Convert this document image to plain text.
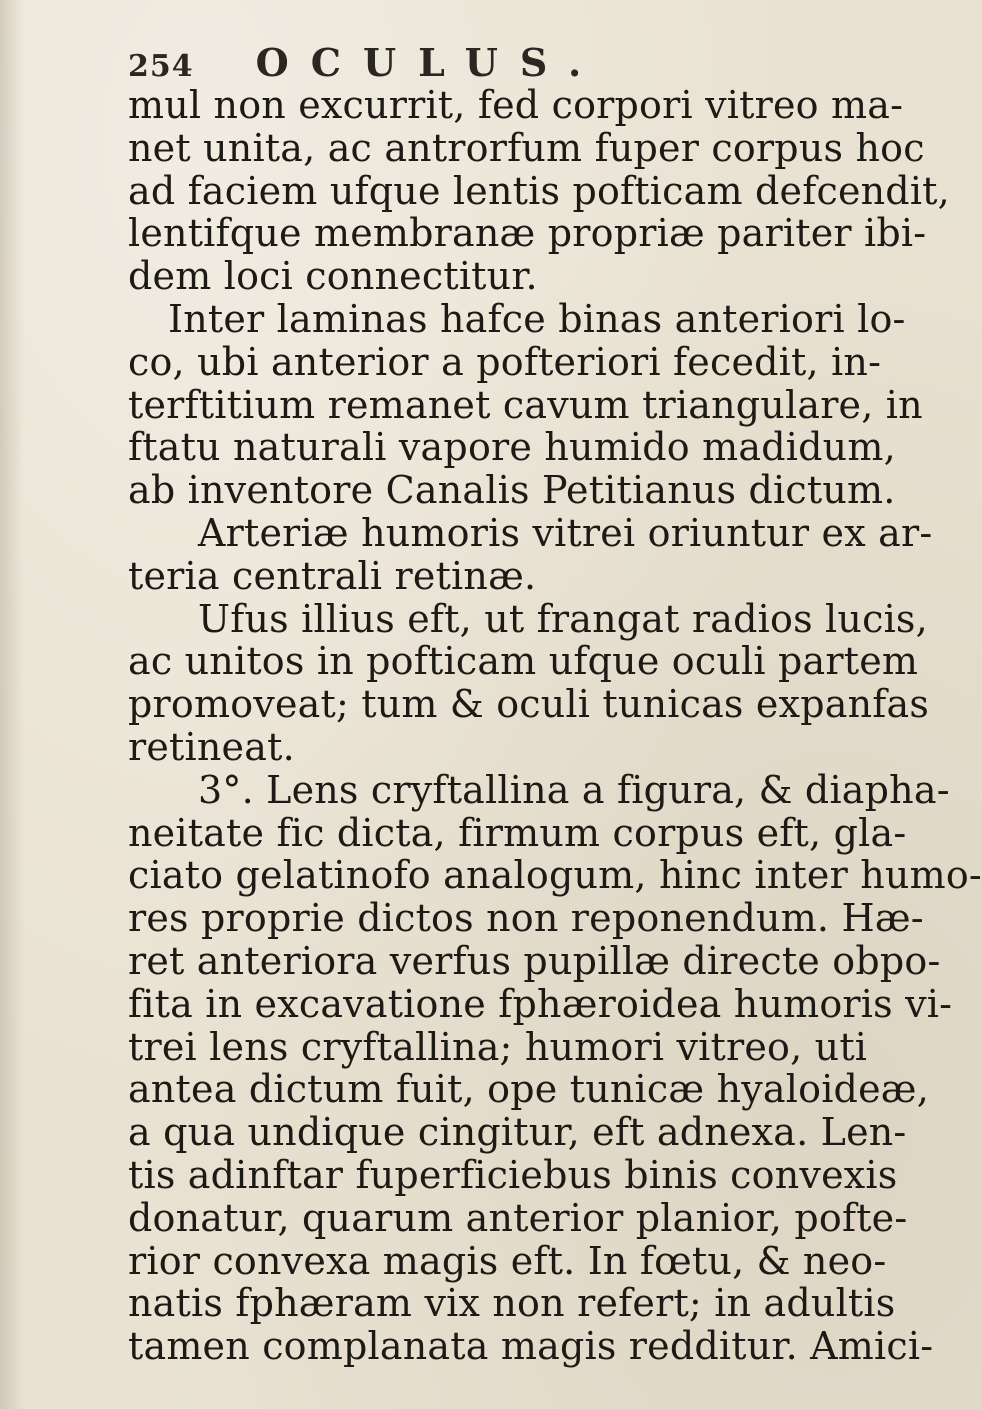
254 OCULUS.
mul non excurrit, fed corpori vitreo ma-
net unita, ac antrorfum fuper corpus hoc
ad faciem ufque lentis pofticam defcendit,
lentifque membranæ propriæ pariter ibi-
dem loci connectitur.
Inter laminas hafce binas anteriori lo-
co, ubi anterior a pofteriori fecedit, in-
terftitium remanet cavum triangulare, in
ftatu naturali vapore humido madidum,
ab inventore Canalis Petitianus dictum.
Arteriæ humoris vitrei oriuntur ex ar-
teria centrali retinæ.
Ufus illius eft, ut frangat radios lucis,
ac unitos in pofticam ufque oculi partem
promoveat; tum & oculi tunicas expanfas
retineat.
3°. Lens cryftallina a figura, & diapha-
neitate fic dicta, firmum corpus eft, gla-
ciato gelatinofo analogum, hinc inter humo-
res proprie dictos non reponendum. Hæ-
ret anteriora verfus pupillæ directe obpo-
fita in excavatione fphæroidea humoris vi-
trei lens cryftallina; humori vitreo, uti
antea dictum fuit, ope tunicæ hyaloideæ,
a qua undique cingitur, eft adnexa. Len-
tis adinftar fuperficiebus binis convexis
donatur, quarum anterior planior, pofte-
rior convexa magis eft. In fœtu, & neo-
natis fphæram vix non refert; in adultis
tamen complanata magis redditur. Amici-
